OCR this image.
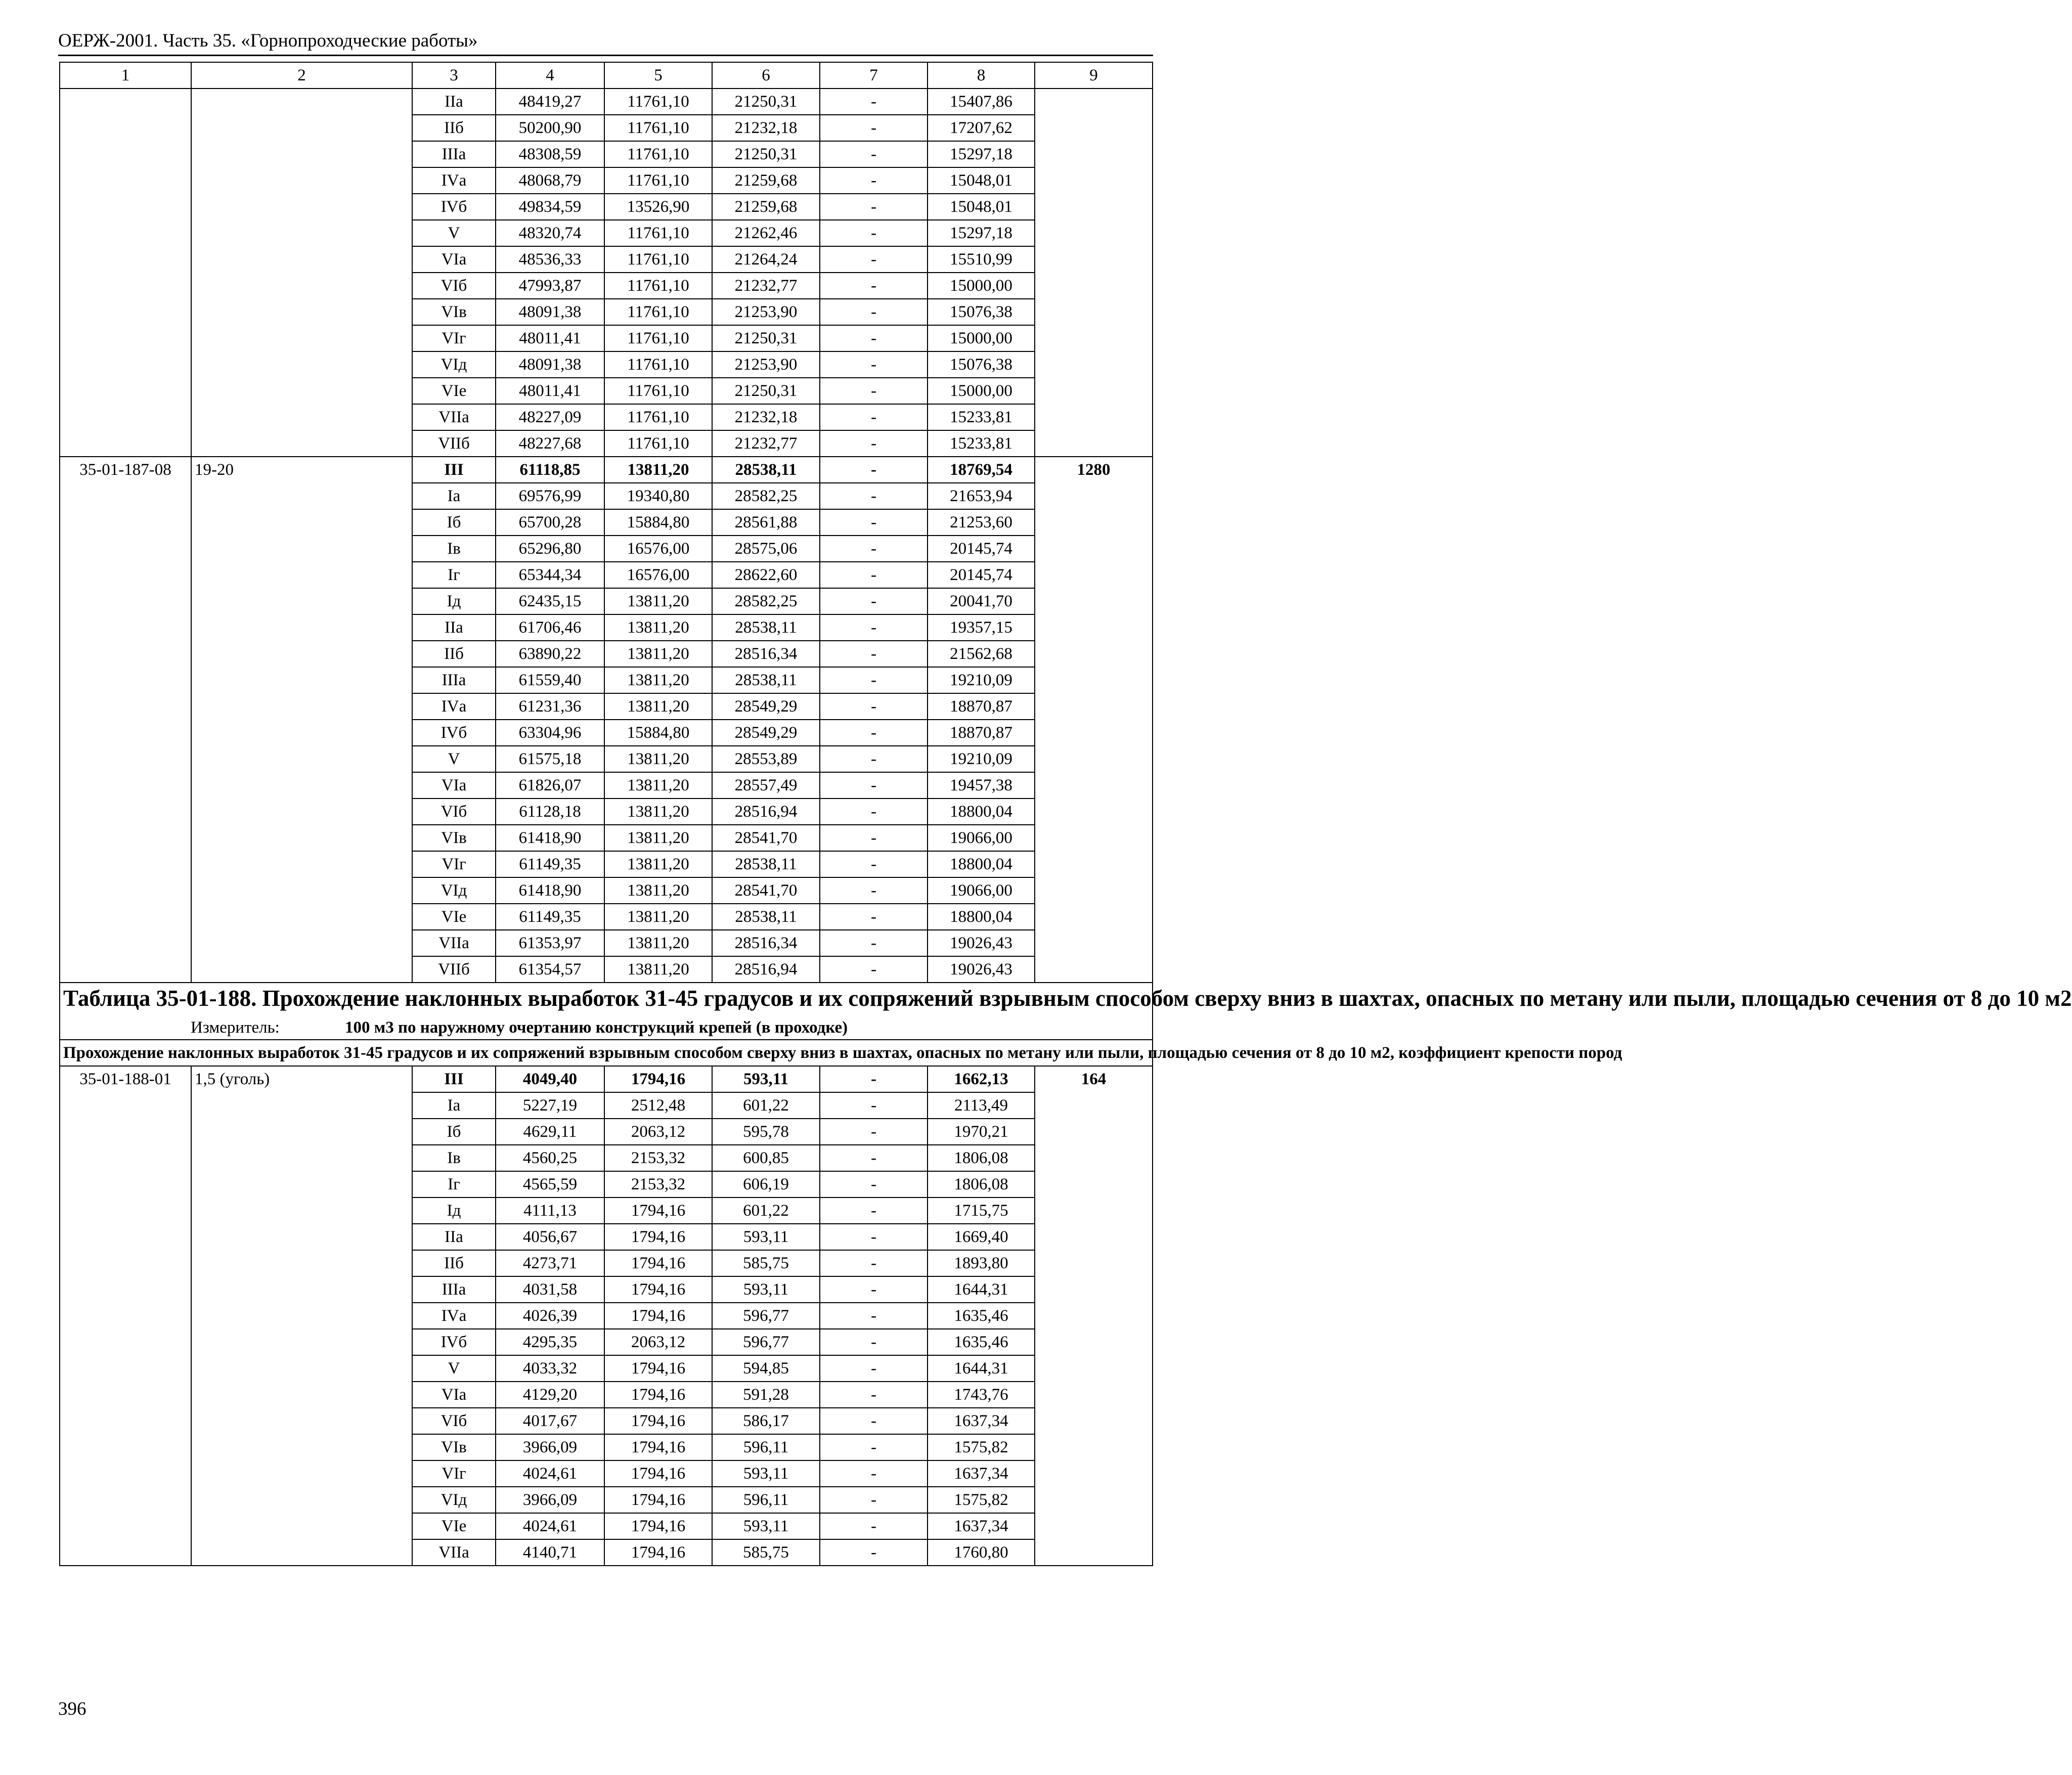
ОЕРЖ-2001. Часть 35. «Горнопроходческие работы»
1	2	3	4	5	6	7	8	9
		IIа	48419,27	11761,10	21250,31	-	15407,86	
		IIб	50200,90	11761,10	21232,18	-	17207,62	
		IIIа	48308,59	11761,10	21250,31	-	15297,18	
		IVа	48068,79	11761,10	21259,68	-	15048,01	
		IVб	49834,59	13526,90	21259,68	-	15048,01	
		V	48320,74	11761,10	21262,46	-	15297,18	
		VIа	48536,33	11761,10	21264,24	-	15510,99	
		VIб	47993,87	11761,10	21232,77	-	15000,00	
		VIв	48091,38	11761,10	21253,90	-	15076,38	
		VIг	48011,41	11761,10	21250,31	-	15000,00	
		VIд	48091,38	11761,10	21253,90	-	15076,38	
		VIе	48011,41	11761,10	21250,31	-	15000,00	
		VIIа	48227,09	11761,10	21232,18	-	15233,81	
		VIIб	48227,68	11761,10	21232,77	-	15233,81	
35-01-187-08	19-20	III	61118,85	13811,20	28538,11	-	18769,54	1280
		Iа	69576,99	19340,80	28582,25	-	21653,94	
		Iб	65700,28	15884,80	28561,88	-	21253,60	
		Iв	65296,80	16576,00	28575,06	-	20145,74	
		Iг	65344,34	16576,00	28622,60	-	20145,74	
		Iд	62435,15	13811,20	28582,25	-	20041,70	
		IIа	61706,46	13811,20	28538,11	-	19357,15	
		IIб	63890,22	13811,20	28516,34	-	21562,68	
		IIIа	61559,40	13811,20	28538,11	-	19210,09	
		IVа	61231,36	13811,20	28549,29	-	18870,87	
		IVб	63304,96	15884,80	28549,29	-	18870,87	
		V	61575,18	13811,20	28553,89	-	19210,09	
		VIа	61826,07	13811,20	28557,49	-	19457,38	
		VIб	61128,18	13811,20	28516,94	-	18800,04	
		VIв	61418,90	13811,20	28541,70	-	19066,00	
		VIг	61149,35	13811,20	28538,11	-	18800,04	
		VIд	61418,90	13811,20	28541,70	-	19066,00	
		VIе	61149,35	13811,20	28538,11	-	18800,04	
		VIIа	61353,97	13811,20	28516,34	-	19026,43	
		VIIб	61354,57	13811,20	28516,94	-	19026,43	

Таблица 35-01-188. Прохождение наклонных выработок 31-45 градусов и их сопряжений взрывным способом сверху вниз в шахтах, опасных по метану или пыли, площадью сечения от 8 до 10 м2
Измеритель: 100 м3 по наружному очертанию конструкций крепей (в проходке)								

Прохождение наклонных выработок 31-45 градусов и их сопряжений взрывным способом сверху вниз в шахтах, опасных по метану или пыли, площадью сечения от 8 до 10 м2, коэффициент крепости пород								
35-01-188-01	1,5 (уголь)	III	4049,40	1794,16	593,11	-	1662,13	164
		Iа	5227,19	2512,48	601,22	-	2113,49	
		Iб	4629,11	2063,12	595,78	-	1970,21	
		Iв	4560,25	2153,32	600,85	-	1806,08	
		Iг	4565,59	2153,32	606,19	-	1806,08	
		Iд	4111,13	1794,16	601,22	-	1715,75	
		IIа	4056,67	1794,16	593,11	-	1669,40	
		IIб	4273,71	1794,16	585,75	-	1893,80	
		IIIа	4031,58	1794,16	593,11	-	1644,31	
		IVа	4026,39	1794,16	596,77	-	1635,46	
		IVб	4295,35	2063,12	596,77	-	1635,46	
		V	4033,32	1794,16	594,85	-	1644,31	
		VIа	4129,20	1794,16	591,28	-	1743,76	
		VIб	4017,67	1794,16	586,17	-	1637,34	
		VIв	3966,09	1794,16	596,11	-	1575,82	
		VIг	4024,61	1794,16	593,11	-	1637,34	
		VIд	3966,09	1794,16	596,11	-	1575,82	
		VIе	4024,61	1794,16	593,11	-	1637,34	
		VIIа	4140,71	1794,16	585,75	-	1760,80	
396
